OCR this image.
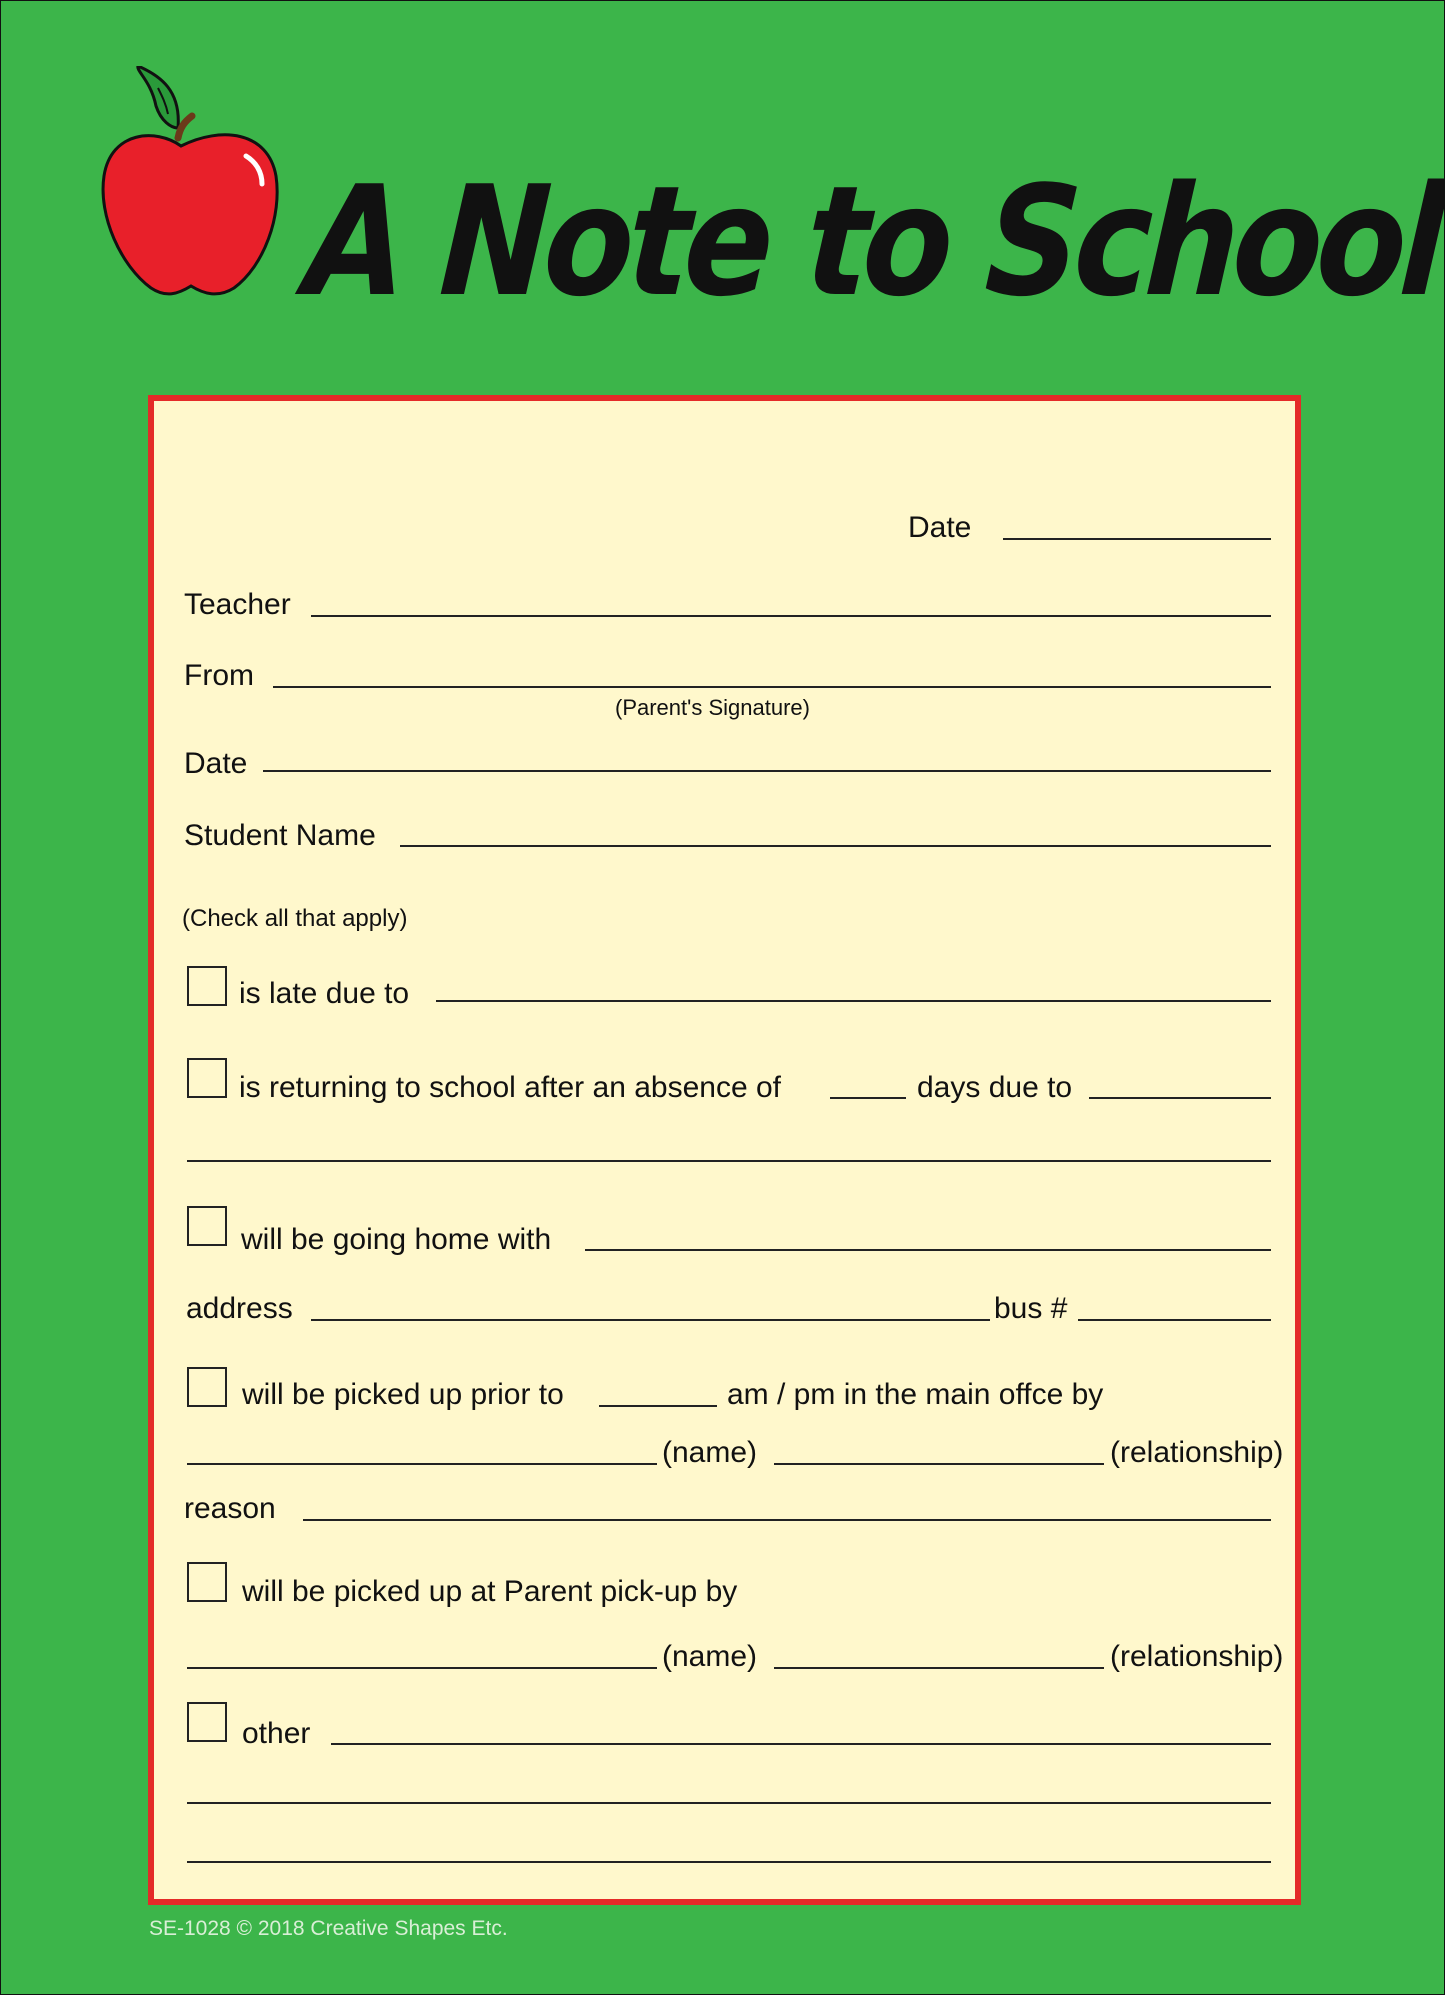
A Note to School
Date
Teacher
From
(Parent's Signature)
Date
Student Name
(Check all that apply)
is late due to
is returning to school after an absence of	days due to
will be going home with
address	bus #
will be picked up prior to	am / pm in the main offce by
(name)	(relationship)
reason
will be picked up at Parent pick-up by
(name)	(relationship)
other
SE-1028 © 2018 Creative Shapes Etc.
